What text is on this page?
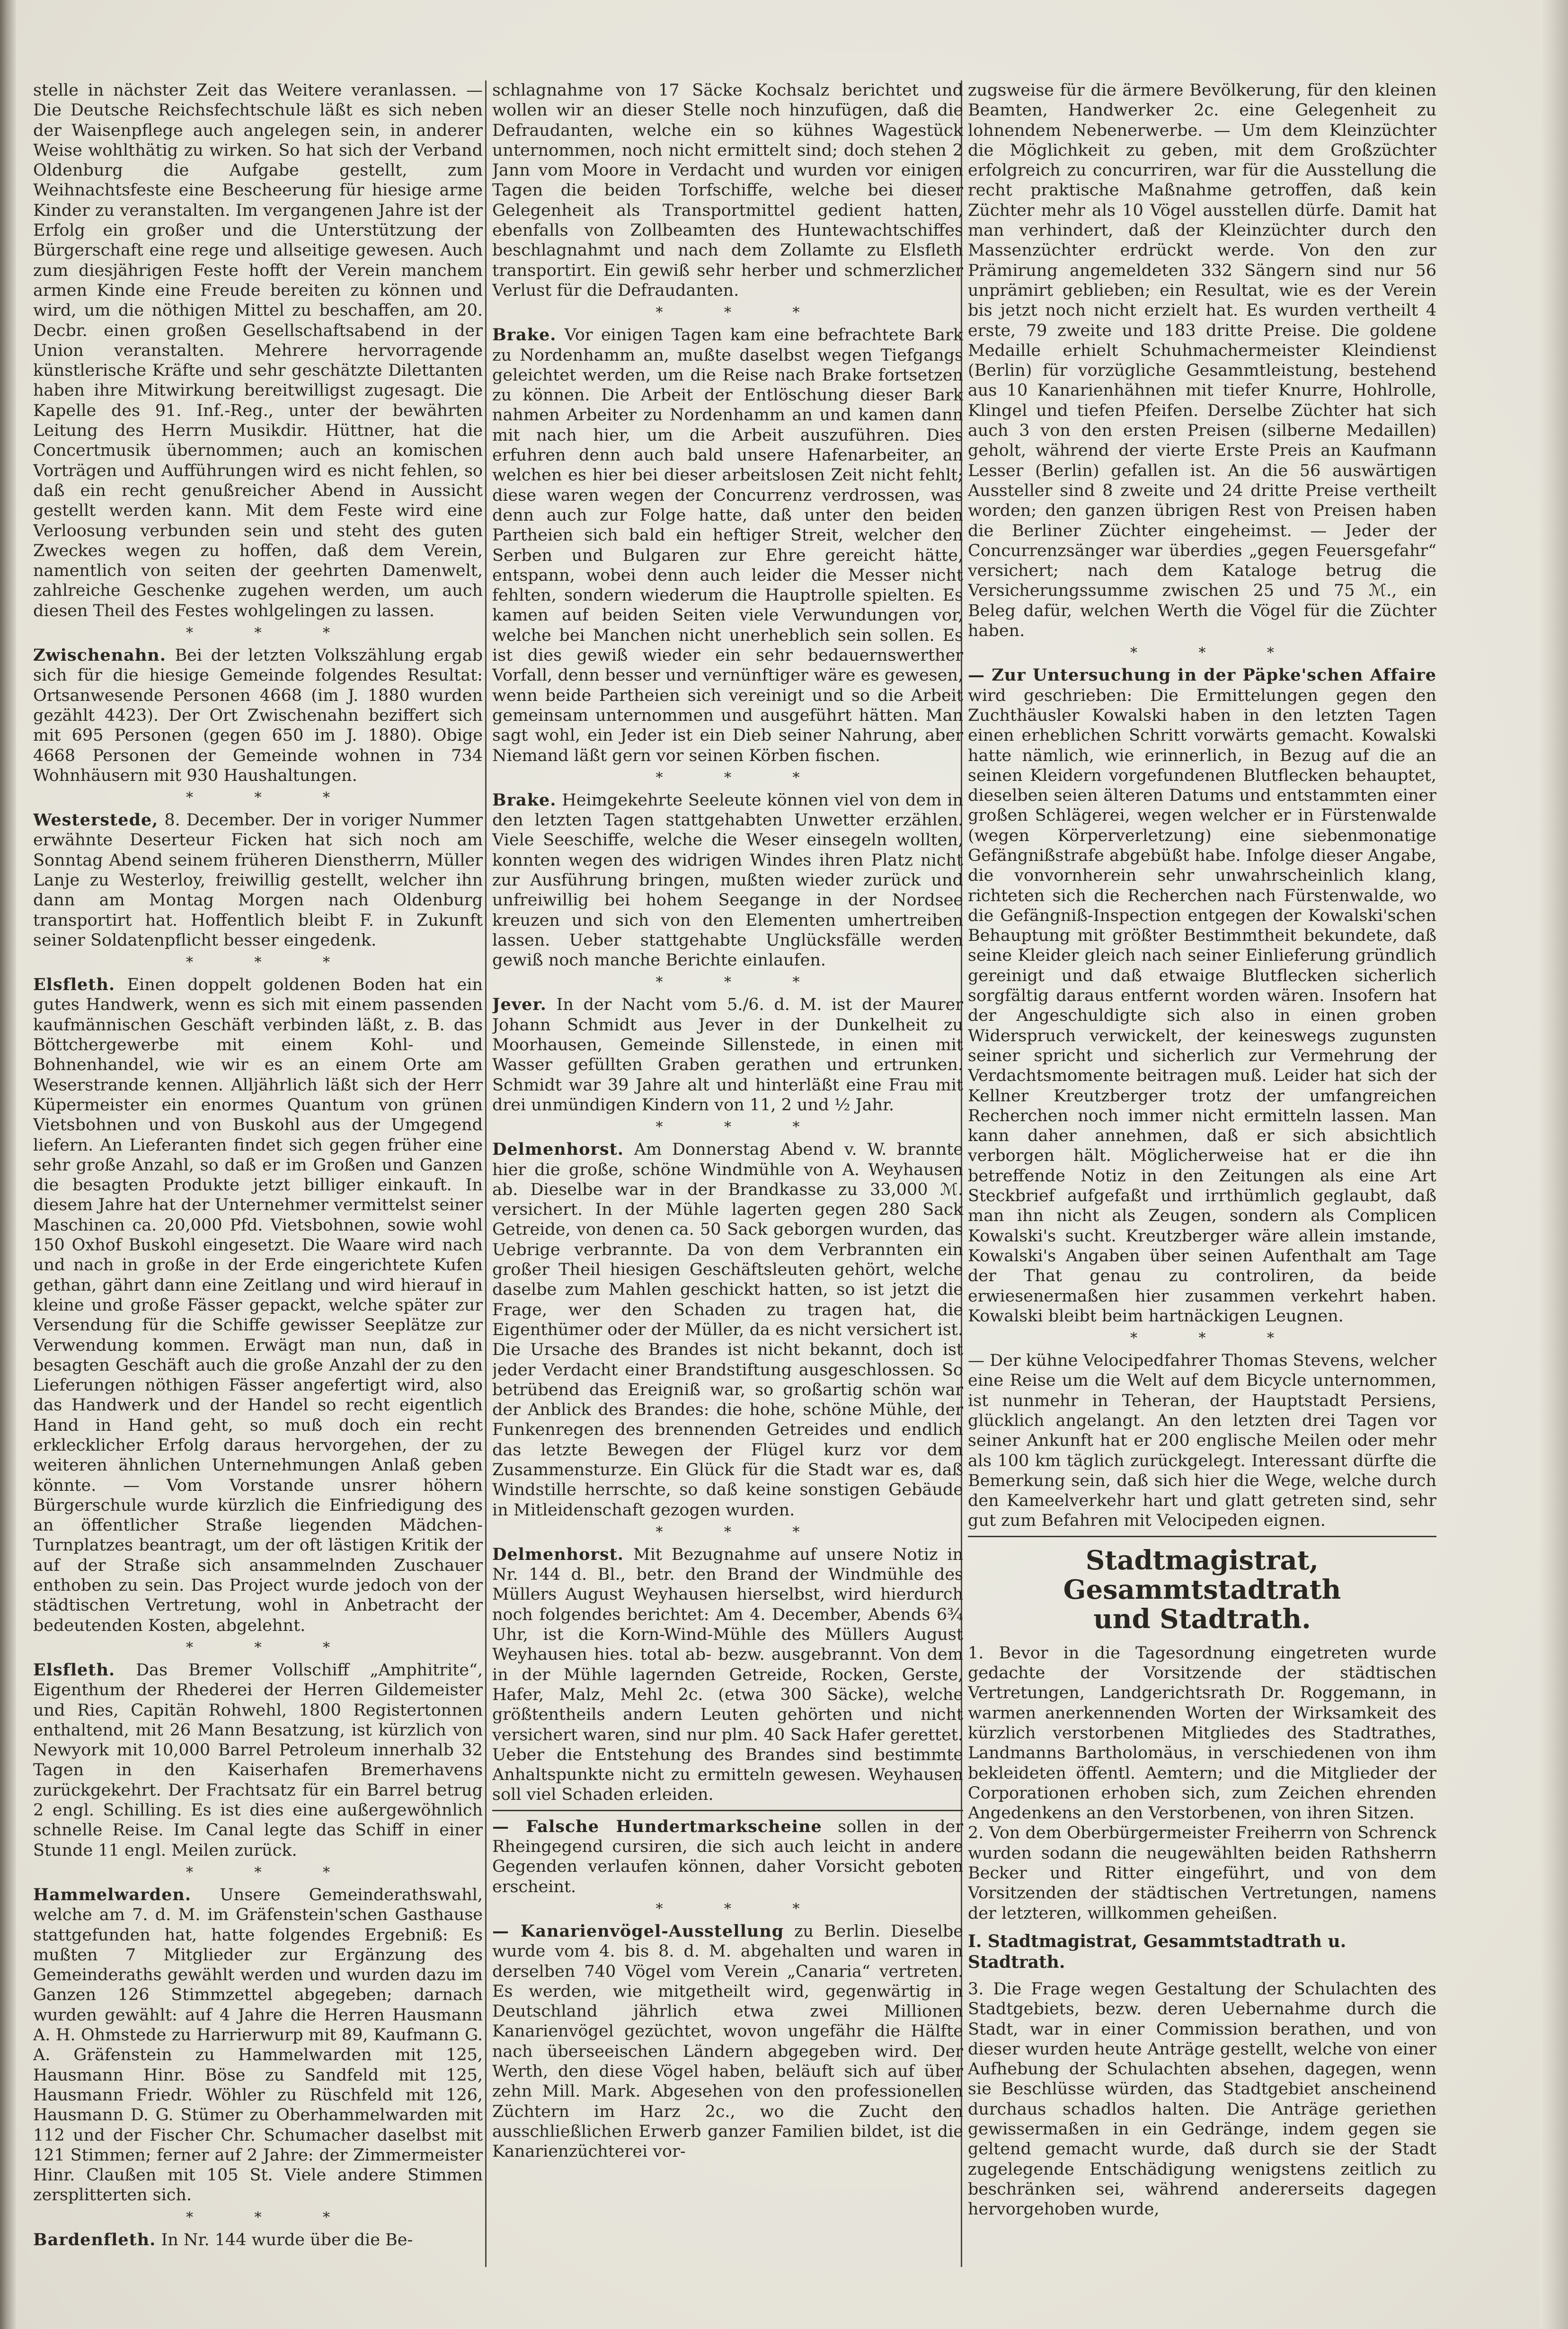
stelle in nächster Zeit das Weitere veranlassen. — Die Deutsche Reichsfechtschule läßt es sich neben der Waisenpflege auch angelegen sein, in anderer Weise wohlthätig zu wirken. So hat sich der Verband Oldenburg die Aufgabe gestellt, zum Weihnachtsfeste eine Bescheerung für hiesige arme Kinder zu veranstalten. Im vergangenen Jahre ist der Erfolg ein großer und die Unterstützung der Bürgerschaft eine rege und allseitige gewesen. Auch zum diesjährigen Feste hofft der Verein manchem armen Kinde eine Freude bereiten zu können und wird, um die nöthigen Mittel zu beschaffen, am 20. Decbr. einen großen Gesellschaftsabend in der Union veranstalten. Mehrere hervorragende künstlerische Kräfte und sehr geschätzte Dilettanten haben ihre Mitwirkung bereitwilligst zugesagt. Die Kapelle des 91. Inf.-Reg., unter der bewährten Leitung des Herrn Musikdir. Hüttner, hat die Concertmusik übernommen; auch an komischen Vorträgen und Aufführungen wird es nicht fehlen, so daß ein recht genußreicher Abend in Aussicht gestellt werden kann. Mit dem Feste wird eine Verloosung verbunden sein und steht des guten Zweckes wegen zu hoffen, daß dem Verein, namentlich von seiten der geehrten Damenwelt, zahlreiche Geschenke zugehen werden, um auch diesen Theil des Festes wohlgelingen zu lassen.

* * *

Zwischenahn. Bei der letzten Volkszählung ergab sich für die hiesige Gemeinde folgendes Resultat: Ortsanwesende Personen 4668 (im J. 1880 wurden gezählt 4423). Der Ort Zwischenahn beziffert sich mit 695 Personen (gegen 650 im J. 1880). Obige 4668 Personen der Gemeinde wohnen in 734 Wohnhäusern mit 930 Haushaltungen.

* * *

Westerstede, 8. December. Der in voriger Nummer erwähnte Deserteur Ficken hat sich noch am Sonntag Abend seinem früheren Dienstherrn, Müller Lanje zu Westerloy, freiwillig gestellt, welcher ihn dann am Montag Morgen nach Oldenburg transportirt hat. Hoffentlich bleibt F. in Zukunft seiner Soldatenpflicht besser eingedenk.

* * *

Elsfleth. Einen doppelt goldenen Boden hat ein gutes Handwerk, wenn es sich mit einem passenden kaufmännischen Geschäft verbinden läßt, z. B. das Böttchergewerbe mit einem Kohl- und Bohnenhandel, wie wir es an einem Orte am Weserstrande kennen. Alljährlich läßt sich der Herr Küpermeister ein enormes Quantum von grünen Vietsbohnen und von Buskohl aus der Umgegend liefern. An Lieferanten findet sich gegen früher eine sehr große Anzahl, so daß er im Großen und Ganzen die besagten Produkte jetzt billiger einkauft. In diesem Jahre hat der Unternehmer vermittelst seiner Maschinen ca. 20,000 Pfd. Vietsbohnen, sowie wohl 150 Oxhof Buskohl eingesetzt. Die Waare wird nach und nach in große in der Erde eingerichtete Kufen gethan, gährt dann eine Zeitlang und wird hierauf in kleine und große Fässer gepackt, welche später zur Versendung für die Schiffe gewisser Seeplätze zur Verwendung kommen. Erwägt man nun, daß in besagten Geschäft auch die große Anzahl der zu den Lieferungen nöthigen Fässer angefertigt wird, also das Handwerk und der Handel so recht eigentlich Hand in Hand geht, so muß doch ein recht erklecklicher Erfolg daraus hervorgehen, der zu weiteren ähnlichen Unternehmungen Anlaß geben könnte. — Vom Vorstande unsrer höhern Bürgerschule wurde kürzlich die Einfriedigung des an öffentlicher Straße liegenden Mädchen-Turnplatzes beantragt, um der oft lästigen Kritik der auf der Straße sich ansammelnden Zuschauer enthoben zu sein. Das Project wurde jedoch von der städtischen Vertretung, wohl in Anbetracht der bedeutenden Kosten, abgelehnt.

* * *

Elsfleth. Das Bremer Vollschiff „Amphitrite“, Eigenthum der Rhederei der Herren Gildemeister und Ries, Capitän Rohwehl, 1800 Registertonnen enthaltend, mit 26 Mann Besatzung, ist kürzlich von Newyork mit 10,000 Barrel Petroleum innerhalb 32 Tagen in den Kaiserhafen Bremerhavens zurückgekehrt. Der Frachtsatz für ein Barrel betrug 2 engl. Schilling. Es ist dies eine außergewöhnlich schnelle Reise. Im Canal legte das Schiff in einer Stunde 11 engl. Meilen zurück.

* * *

Hammelwarden. Unsere Gemeinderathswahl, welche am 7. d. M. im Gräfenstein'schen Gasthause stattgefunden hat, hatte folgendes Ergebniß: Es mußten 7 Mitglieder zur Ergänzung des Gemeinderaths gewählt werden und wurden dazu im Ganzen 126 Stimmzettel abgegeben; darnach wurden gewählt: auf 4 Jahre die Herren Hausmann A. H. Ohmstede zu Harrierwurp mit 89, Kaufmann G. A. Gräfenstein zu Hammelwarden mit 125, Hausmann Hinr. Böse zu Sandfeld mit 125, Hausmann Friedr. Wöhler zu Rüschfeld mit 126, Hausmann D. G. Stümer zu Oberhammelwarden mit 112 und der Fischer Chr. Schumacher daselbst mit 121 Stimmen; ferner auf 2 Jahre: der Zimmermeister Hinr. Claußen mit 105 St. Viele andere Stimmen zersplitterten sich.

* * *

Bardenfleth. In Nr. 144 wurde über die Be-

schlagnahme von 17 Säcke Kochsalz berichtet und wollen wir an dieser Stelle noch hinzufügen, daß die Defraudanten, welche ein so kühnes Wagestück unternommen, noch nicht ermittelt sind; doch stehen 2 Jann vom Moore in Verdacht und wurden vor einigen Tagen die beiden Torfschiffe, welche bei dieser Gelegenheit als Transportmittel gedient hatten, ebenfalls von Zollbeamten des Huntewachtschiffes beschlagnahmt und nach dem Zollamte zu Elsfleth transportirt. Ein gewiß sehr herber und schmerzlicher Verlust für die Defraudanten.

* * *

Brake. Vor einigen Tagen kam eine befrachtete Bark zu Nordenhamm an, mußte daselbst wegen Tiefgangs geleichtet werden, um die Reise nach Brake fortsetzen zu können. Die Arbeit der Entlöschung dieser Bark nahmen Arbeiter zu Nordenhamm an und kamen dann mit nach hier, um die Arbeit auszuführen. Dies erfuhren denn auch bald unsere Hafenarbeiter, an welchen es hier bei dieser arbeitslosen Zeit nicht fehlt; diese waren wegen der Concurrenz verdrossen, was denn auch zur Folge hatte, daß unter den beiden Partheien sich bald ein heftiger Streit, welcher den Serben und Bulgaren zur Ehre gereicht hätte, entspann, wobei denn auch leider die Messer nicht fehlten, sondern wiederum die Hauptrolle spielten. Es kamen auf beiden Seiten viele Verwundungen vor, welche bei Manchen nicht unerheblich sein sollen. Es ist dies gewiß wieder ein sehr bedauernswerther Vorfall, denn besser und vernünftiger wäre es gewesen, wenn beide Partheien sich vereinigt und so die Arbeit gemeinsam unternommen und ausgeführt hätten. Man sagt wohl, ein Jeder ist ein Dieb seiner Nahrung, aber Niemand läßt gern vor seinen Körben fischen.

* * *

Brake. Heimgekehrte Seeleute können viel von dem in den letzten Tagen stattgehabten Unwetter erzählen. Viele Seeschiffe, welche die Weser einsegeln wollten, konnten wegen des widrigen Windes ihren Platz nicht zur Ausführung bringen, mußten wieder zurück und unfreiwillig bei hohem Seegange in der Nordsee kreuzen und sich von den Elementen umhertreiben lassen. Ueber stattgehabte Unglücksfälle werden gewiß noch manche Berichte einlaufen.

* * *

Jever. In der Nacht vom 5./6. d. M. ist der Maurer Johann Schmidt aus Jever in der Dunkelheit zu Moorhausen, Gemeinde Sillenstede, in einen mit Wasser gefüllten Graben gerathen und ertrunken. Schmidt war 39 Jahre alt und hinterläßt eine Frau mit drei unmündigen Kindern von 11, 2 und ½ Jahr.

* * *

Delmenhorst. Am Donnerstag Abend v. W. brannte hier die große, schöne Windmühle von A. Weyhausen ab. Dieselbe war in der Brandkasse zu 33,000 ℳ. versichert. In der Mühle lagerten gegen 280 Sack Getreide, von denen ca. 50 Sack geborgen wurden, das Uebrige verbrannte. Da von dem Verbrannten ein großer Theil hiesigen Geschäftsleuten gehört, welche daselbe zum Mahlen geschickt hatten, so ist jetzt die Frage, wer den Schaden zu tragen hat, die Eigenthümer oder der Müller, da es nicht versichert ist. Die Ursache des Brandes ist nicht bekannt, doch ist jeder Verdacht einer Brandstiftung ausgeschlossen. So betrübend das Ereigniß war, so großartig schön war der Anblick des Brandes: die hohe, schöne Mühle, der Funkenregen des brennenden Getreides und endlich das letzte Bewegen der Flügel kurz vor dem Zusammensturze. Ein Glück für die Stadt war es, daß Windstille herrschte, so daß keine sonstigen Gebäude in Mitleidenschaft gezogen wurden.

* * *

Delmenhorst. Mit Bezugnahme auf unsere Notiz in Nr. 144 d. Bl., betr. den Brand der Windmühle des Müllers August Weyhausen hierselbst, wird hierdurch noch folgendes berichtet: Am 4. December, Abends 6¾ Uhr, ist die Korn-Wind-Mühle des Müllers August Weyhausen hies. total ab- bezw. ausgebrannt. Von dem in der Mühle lagernden Getreide, Rocken, Gerste, Hafer, Malz, Mehl 2c. (etwa 300 Säcke), welche größtentheils andern Leuten gehörten und nicht versichert waren, sind nur plm. 40 Sack Hafer gerettet. Ueber die Entstehung des Brandes sind bestimmte Anhaltspunkte nicht zu ermitteln gewesen. Weyhausen soll viel Schaden erleiden.

— Falsche Hundertmarkscheine sollen in der Rheingegend cursiren, die sich auch leicht in andere Gegenden verlaufen können, daher Vorsicht geboten erscheint.

* * *

— Kanarienvögel-Ausstellung zu Berlin. Dieselbe wurde vom 4. bis 8. d. M. abgehalten und waren in derselben 740 Vögel vom Verein „Canaria“ vertreten. Es werden, wie mitgetheilt wird, gegenwärtig in Deutschland jährlich etwa zwei Millionen Kanarienvögel gezüchtet, wovon ungefähr die Hälfte nach überseeischen Ländern abgegeben wird. Der Werth, den diese Vögel haben, beläuft sich auf über zehn Mill. Mark. Abgesehen von den professionellen Züchtern im Harz 2c., wo die Zucht den ausschließlichen Erwerb ganzer Familien bildet, ist die Kanarienzüchterei vor-

zugsweise für die ärmere Bevölkerung, für den kleinen Beamten, Handwerker 2c. eine Gelegenheit zu lohnendem Nebenerwerbe. — Um dem Kleinzüchter die Möglichkeit zu geben, mit dem Großzüchter erfolgreich zu concurriren, war für die Ausstellung die recht praktische Maßnahme getroffen, daß kein Züchter mehr als 10 Vögel ausstellen dürfe. Damit hat man verhindert, daß der Kleinzüchter durch den Massenzüchter erdrückt werde. Von den zur Prämirung angemeldeten 332 Sängern sind nur 56 unprämirt geblieben; ein Resultat, wie es der Verein bis jetzt noch nicht erzielt hat. Es wurden vertheilt 4 erste, 79 zweite und 183 dritte Preise. Die goldene Medaille erhielt Schuhmachermeister Kleindienst (Berlin) für vorzügliche Gesammtleistung, bestehend aus 10 Kanarienhähnen mit tiefer Knurre, Hohlrolle, Klingel und tiefen Pfeifen. Derselbe Züchter hat sich auch 3 von den ersten Preisen (silberne Medaillen) geholt, während der vierte Erste Preis an Kaufmann Lesser (Berlin) gefallen ist. An die 56 auswärtigen Aussteller sind 8 zweite und 24 dritte Preise vertheilt worden; den ganzen übrigen Rest von Preisen haben die Berliner Züchter eingeheimst. — Jeder der Concurrenzsänger war überdies „gegen Feuersgefahr“ versichert; nach dem Kataloge betrug die Versicherungssumme zwischen 25 und 75 ℳ., ein Beleg dafür, welchen Werth die Vögel für die Züchter haben.

* * *

— Zur Untersuchung in der Päpke'schen Affaire wird geschrieben: Die Ermittelungen gegen den Zuchthäusler Kowalski haben in den letzten Tagen einen erheblichen Schritt vorwärts gemacht. Kowalski hatte nämlich, wie erinnerlich, in Bezug auf die an seinen Kleidern vorgefundenen Blutflecken behauptet, dieselben seien älteren Datums und entstammten einer großen Schlägerei, wegen welcher er in Fürstenwalde (wegen Körperverletzung) eine siebenmonatige Gefängnißstrafe abgebüßt habe. Infolge dieser Angabe, die vonvornherein sehr unwahrscheinlich klang, richteten sich die Recherchen nach Fürstenwalde, wo die Gefängniß-Inspection entgegen der Kowalski'schen Behauptung mit größter Bestimmtheit bekundete, daß seine Kleider gleich nach seiner Einlieferung gründlich gereinigt und daß etwaige Blutflecken sicherlich sorgfältig daraus entfernt worden wären. Insofern hat der Angeschuldigte sich also in einen groben Widerspruch verwickelt, der keineswegs zugunsten seiner spricht und sicherlich zur Vermehrung der Verdachtsmomente beitragen muß. Leider hat sich der Kellner Kreutzberger trotz der umfangreichen Recherchen noch immer nicht ermitteln lassen. Man kann daher annehmen, daß er sich absichtlich verborgen hält. Möglicherweise hat er die ihn betreffende Notiz in den Zeitungen als eine Art Steckbrief aufgefaßt und irrthümlich geglaubt, daß man ihn nicht als Zeugen, sondern als Complicen Kowalski's sucht. Kreutzberger wäre allein imstande, Kowalski's Angaben über seinen Aufenthalt am Tage der That genau zu controliren, da beide erwiesenermaßen hier zusammen verkehrt haben. Kowalski bleibt beim hartnäckigen Leugnen.

* * *

— Der kühne Velocipedfahrer Thomas Stevens, welcher eine Reise um die Welt auf dem Bicycle unternommen, ist nunmehr in Teheran, der Hauptstadt Persiens, glücklich angelangt. An den letzten drei Tagen vor seiner Ankunft hat er 200 englische Meilen oder mehr als 100 km täglich zurückgelegt. Interessant dürfte die Bemerkung sein, daß sich hier die Wege, welche durch den Kameelverkehr hart und glatt getreten sind, sehr gut zum Befahren mit Velocipeden eignen.

Stadtmagistrat, Gesammtstadtrath
und Stadtrath.

1. Bevor in die Tagesordnung eingetreten wurde gedachte der Vorsitzende der städtischen Vertretungen, Landgerichtsrath Dr. Roggemann, in warmen anerkennenden Worten der Wirksamkeit des kürzlich verstorbenen Mitgliedes des Stadtrathes, Landmanns Bartholomäus, in verschiedenen von ihm bekleideten öffentl. Aemtern; und die Mitglieder der Corporationen erhoben sich, zum Zeichen ehrenden Angedenkens an den Verstorbenen, von ihren Sitzen.

2. Von dem Oberbürgermeister Freiherrn von Schrenck wurden sodann die neugewählten beiden Rathsherrn Becker und Ritter eingeführt, und von dem Vorsitzenden der städtischen Vertretungen, namens der letzteren, willkommen geheißen.

I. Stadtmagistrat, Gesammtstadtrath u. Stadtrath.

3. Die Frage wegen Gestaltung der Schulachten des Stadtgebiets, bezw. deren Uebernahme durch die Stadt, war in einer Commission berathen, und von dieser wurden heute Anträge gestellt, welche von einer Aufhebung der Schulachten absehen, dagegen, wenn sie Beschlüsse würden, das Stadtgebiet anscheinend durchaus schadlos halten. Die Anträge geriethen gewissermaßen in ein Gedränge, indem gegen sie geltend gemacht wurde, daß durch sie der Stadt zugelegende Entschädigung wenigstens zeitlich zu beschränken sei, während andererseits dagegen hervorgehoben wurde,
